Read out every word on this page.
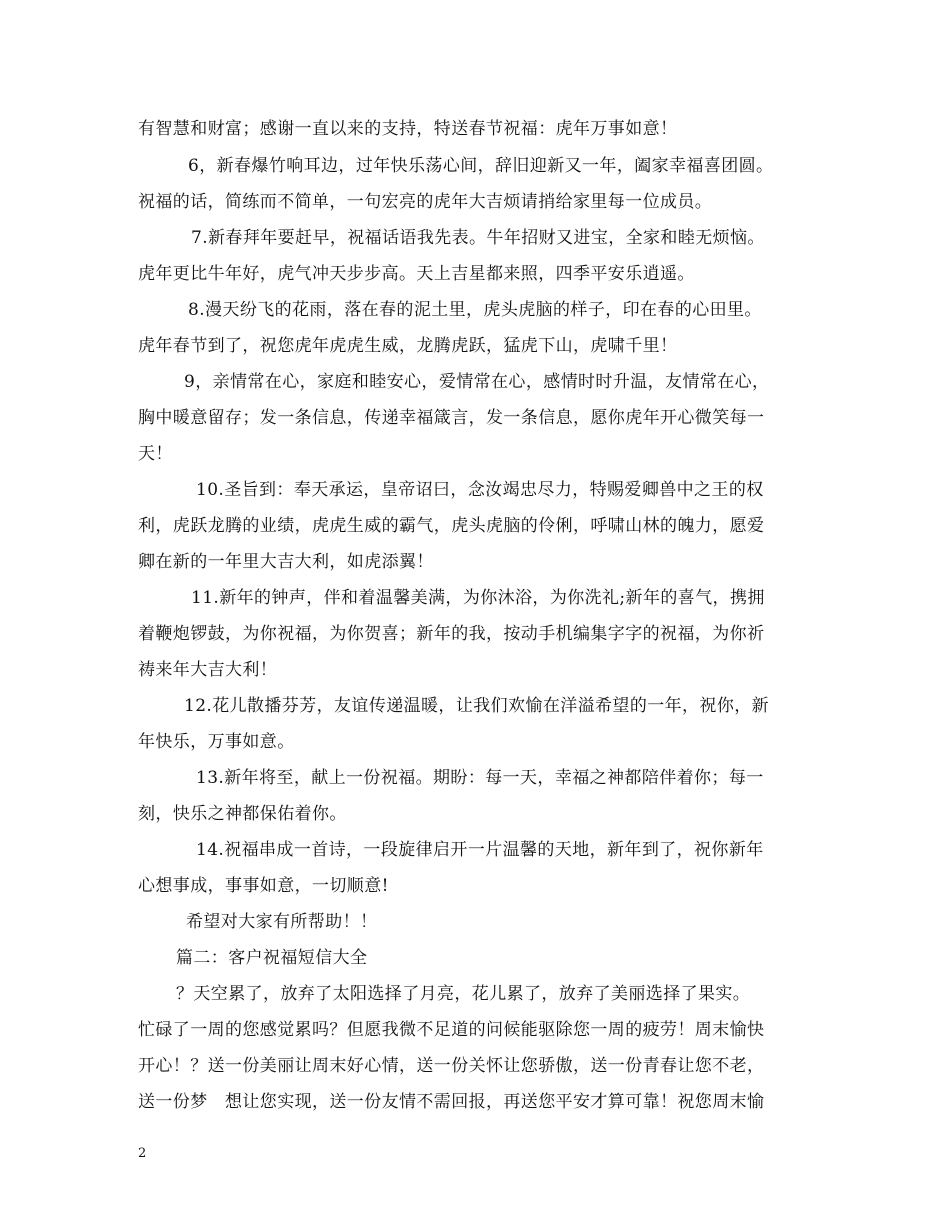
有智慧和财富；感谢一直以来的支持，特送春节祝福：虎年万事如意！
6，新春爆竹响耳边，过年快乐荡心间，辞旧迎新又一年，阖家幸福喜团圆。
祝福的话，简练而不简单，一句宏亮的虎年大吉烦请捎给家里每一位成员。
7.新春拜年要赶早，祝福话语我先表。牛年招财又进宝，全家和睦无烦恼。
虎年更比牛年好，虎气冲天步步高。天上吉星都来照，四季平安乐逍遥。
8.漫天纷飞的花雨，落在春的泥土里，虎头虎脑的样子，印在春的心田里。
虎年春节到了，祝您虎年虎虎生威，龙腾虎跃，猛虎下山，虎啸千里！
9，亲情常在心，家庭和睦安心，爱情常在心，感情时时升温，友情常在心，
胸中暖意留存；发一条信息，传递幸福箴言，发一条信息，愿你虎年开心微笑每一
天！
10.圣旨到：奉天承运，皇帝诏曰，念汝竭忠尽力，特赐爱卿兽中之王的权
利，虎跃龙腾的业绩，虎虎生威的霸气，虎头虎脑的伶俐，呼啸山林的魄力，愿爱
卿在新的一年里大吉大利，如虎添翼！
11.新年的钟声，伴和着温馨美满，为你沐浴，为你洗礼;新年的喜气，携拥
着鞭炮锣鼓，为你祝福，为你贺喜；新年的我，按动手机编集字字的祝福，为你祈
祷来年大吉大利！
12.花儿散播芬芳，友谊传递温暖，让我们欢愉在洋溢希望的一年，祝你，新
年快乐，万事如意。
13.新年将至，献上一份祝福。期盼：每一天，幸福之神都陪伴着你；每一
刻，快乐之神都保佑着你。
14.祝福串成一首诗，一段旋律启开一片温馨的天地，新年到了，祝你新年
心想事成，事事如意，一切顺意!
希望对大家有所帮助！！
篇二：客户祝福短信大全
？天空累了，放弃了太阳选择了月亮，花儿累了，放弃了美丽选择了果实。
忙碌了一周的您感觉累吗？但愿我微不足道的问候能驱除您一周的疲劳！周末愉快
开心！？送一份美丽让周末好心情，送一份关怀让您骄傲，送一份青春让您不老，
送一份梦　想让您实现，送一份友情不需回报，再送您平安才算可靠！祝您周末愉
2
